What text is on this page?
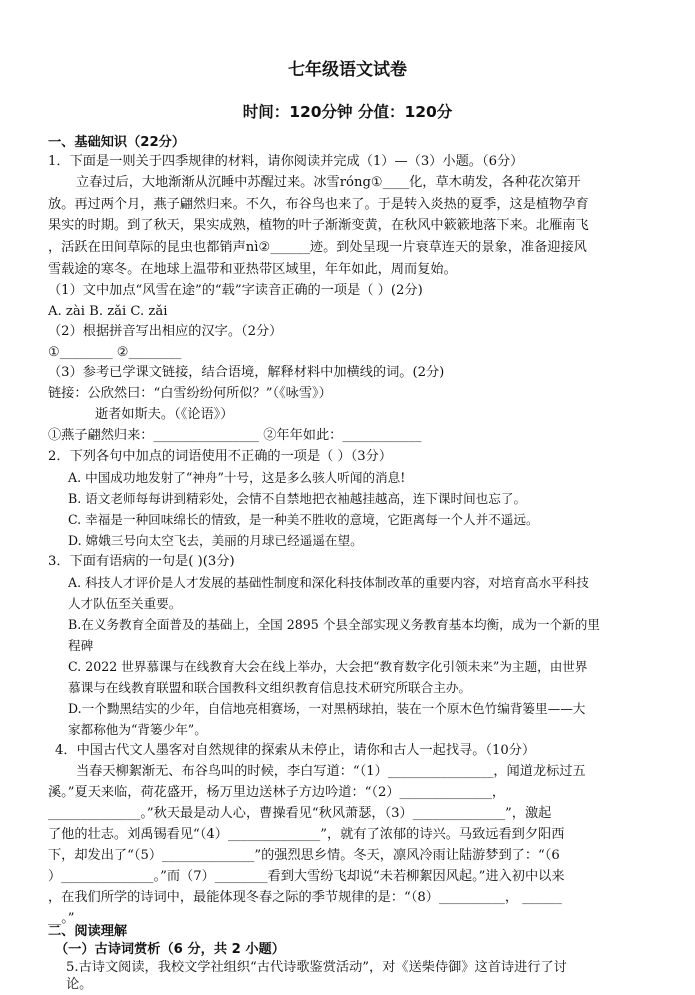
七年级语文试卷
时间：120分钟 分值：120分
一、基础知识（22分）
1．下面是一则关于四季规律的材料，请你阅读并完成（1）—（3）小题。（6分）
立春过后，大地渐渐从沉睡中苏醒过来。冰雪róng①____化，草木萌发，各种花次第开
放。再过两个月，燕子翩然归来。不久，布谷鸟也来了。于是转入炎热的夏季，这是植物孕育
果实的时期。到了秋天，果实成熟，植物的叶子渐渐变黄，在秋风中簌簌地落下来。北雁南飞
，活跃在田间草际的昆虫也都销声nì②______迹。到处呈现一片衰草连天的景象，准备迎接风
雪载途的寒冬。在地球上温带和亚热带区域里，年年如此，周而复始。
（1）文中加点“风雪在途”的“载”字读音正确的一项是（ ）(2分)
A. zài B. zǎi C. zǎi
（2）根据拼音写出相应的汉字。（2分）
①________ ②________
（3）参考已学课文链接，结合语境，解释材料中加横线的词。(2分)
链接：公欣然曰：“白雪纷纷何所似？”（《咏雪》）
逝者如斯夫。（《论语》）
①燕子翩然归来：________________ ②年年如此：____________
2．下列各句中加点的词语使用不正确的一项是（ ）（3分）
A. 中国成功地发射了“神舟”十号，这是多么骇人听闻的消息!
B. 语文老师每每讲到精彩处，会情不自禁地把衣袖越挂越高，连下课时间也忘了。
C. 幸福是一种回味绵长的情致，是一种美不胜收的意境，它距离每一个人并不遥远。
D. 嫦娥三号向太空飞去，美丽的月球已经遥遥在望。
3．下面有语病的一句是( )(3分)
A. 科技人才评价是人才发展的基础性制度和深化科技体制改革的重要内容，对培育高水平科技
人才队伍至关重要。
B.在义务教育全面普及的基础上，全国 2895 个县全部实现义务教育基本均衡，成为一个新的里
程碑
C. 2022 世界慕课与在线教育大会在线上举办，大会把“教育数字化引领未来”为主题，由世界
慕课与在线教育联盟和联合国教科文组织教育信息技术研究所联合主办。
D.一个黝黑结实的少年，自信地亮相赛场，一对黑柄球拍，装在一个原木色竹编背篓里——大
家都称他为“背篓少年”。
4．中国古代文人墨客对自然规律的探索从未停止，请你和古人一起找寻。（10分）
当春天柳絮渐无、布谷鸟叫的时候，李白写道：“（1）________________，闻道龙标过五
溪。”夏天来临，荷花盛开，杨万里边送林子方边吟道：“（2）______________，
______________。”秋天最是动人心，曹操看见“秋风萧瑟，（3）______________”，激起
了他的壮志。刘禹锡看见“（4）______________”，就有了浓郁的诗兴。马致远看到夕阳西
下，却发出了“（5）______________”的强烈思乡情。冬天，凛风冷雨让陆游梦到了：“（6
）______________。”而（7）________看到大雪纷飞却说“未若柳絮因风起。”进入初中以来
，在我们所学的诗词中，最能体现冬春之际的季节规律的是：“（8）__________， ______
__。”
二、阅读理解
（一）古诗词赏析（6 分，共 2 小题）
5.古诗文阅读，我校文学社组织“古代诗歌鉴赏活动”，对《送柴侍御》这首诗进行了讨
论。
